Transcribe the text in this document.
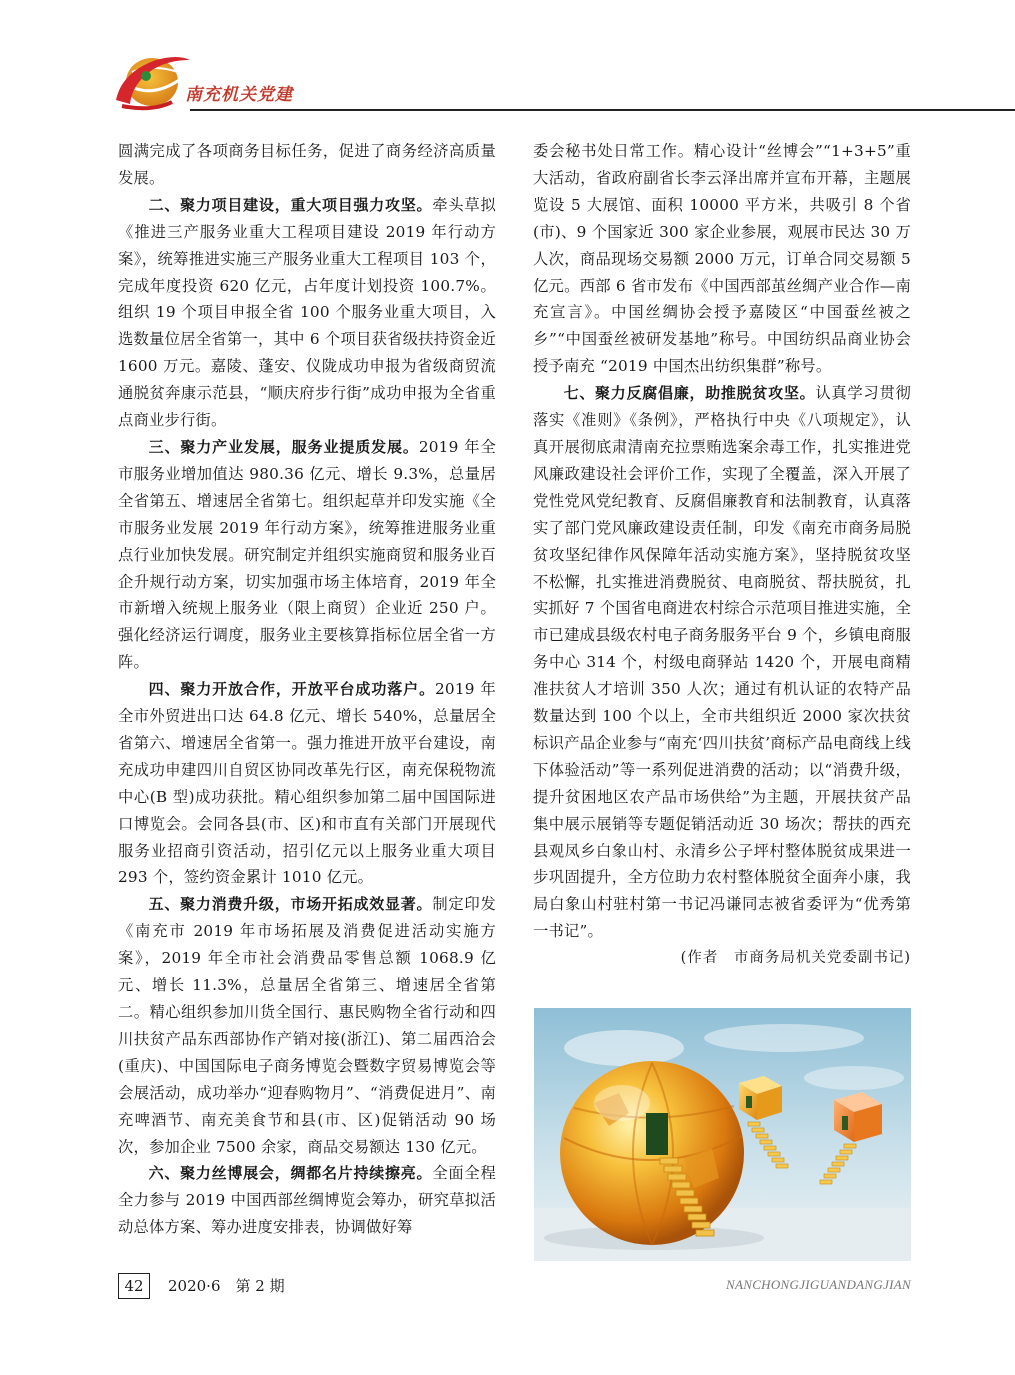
南充机关党建

圆满完成了各项商务目标任务，促进了商务经济高质量发展。

二、聚力项目建设，重大项目强力攻坚。牵头草拟《推进三产服务业重大工程项目建设 2019 年行动方案》，统筹推进实施三产服务业重大工程项目 103 个，完成年度投资 620 亿元，占年度计划投资 100.7%。组织 19 个项目申报全省 100 个服务业重大项目，入选数量位居全省第一，其中 6 个项目获省级扶持资金近 1600 万元。嘉陵、蓬安、仪陇成功申报为省级商贸流通脱贫奔康示范县，“顺庆府步行街”成功申报为全省重点商业步行街。

三、聚力产业发展，服务业提质发展。2019 年全市服务业增加值达 980.36 亿元、增长 9.3%，总量居全省第五、增速居全省第七。组织起草并印发实施《全市服务业发展 2019 年行动方案》，统筹推进服务业重点行业加快发展。研究制定并组织实施商贸和服务业百企升规行动方案，切实加强市场主体培育，2019 年全市新增入统规上服务业（限上商贸）企业近 250 户。强化经济运行调度，服务业主要核算指标位居全省一方阵。

四、聚力开放合作，开放平台成功落户。2019 年全市外贸进出口达 64.8 亿元、增长 540%，总量居全省第六、增速居全省第一。强力推进开放平台建设，南充成功申建四川自贸区协同改革先行区，南充保税物流中心(B 型)成功获批。精心组织参加第二届中国国际进口博览会。会同各县(市、区)和市直有关部门开展现代服务业招商引资活动，招引亿元以上服务业重大项目 293 个，签约资金累计 1010 亿元。

五、聚力消费升级，市场开拓成效显著。制定印发《南充市 2019 年市场拓展及消费促进活动实施方案》，2019 年全市社会消费品零售总额 1068.9 亿元、增长 11.3%，总量居全省第三、增速居全省第二。精心组织参加川货全国行、惠民购物全省行动和四川扶贫产品东西部协作产销对接(浙江)、第二届西洽会(重庆)、中国国际电子商务博览会暨数字贸易博览会等会展活动，成功举办“迎春购物月”、“消费促进月”、南充啤酒节、南充美食节和县(市、区)促销活动 90 场次，参加企业 7500 余家，商品交易额达 130 亿元。

六、聚力丝博展会，绸都名片持续擦亮。全面全程全力参与 2019 中国西部丝绸博览会筹办，研究草拟活动总体方案、筹办进度安排表，协调做好筹

委会秘书处日常工作。精心设计“丝博会”“1+3+5”重大活动，省政府副省长李云泽出席并宣布开幕，主题展览设 5 大展馆、面积 10000 平方米，共吸引 8 个省(市)、9 个国家近 300 家企业参展，观展市民达 30 万人次，商品现场交易额 2000 万元，订单合同交易额 5 亿元。西部 6 省市发布《中国西部茧丝绸产业合作—南充宣言》。中国丝绸协会授予嘉陵区“中国蚕丝被之乡”“中国蚕丝被研发基地”称号。中国纺织品商业协会授予南充 “2019 中国杰出纺织集群”称号。

七、聚力反腐倡廉，助推脱贫攻坚。认真学习贯彻落实《准则》《条例》，严格执行中央《八项规定》，认真开展彻底肃清南充拉票贿选案余毒工作，扎实推进党风廉政建设社会评价工作，实现了全覆盖，深入开展了党性党风党纪教育、反腐倡廉教育和法制教育，认真落实了部门党风廉政建设责任制，印发《南充市商务局脱贫攻坚纪律作风保障年活动实施方案》，坚持脱贫攻坚不松懈，扎实推进消费脱贫、电商脱贫、帮扶脱贫，扎实抓好 7 个国省电商进农村综合示范项目推进实施，全市已建成县级农村电子商务服务平台 9 个，乡镇电商服务中心 314 个，村级电商驿站 1420 个，开展电商精准扶贫人才培训 350 人次；通过有机认证的农特产品数量达到 100 个以上，全市共组织近 2000 家次扶贫标识产品企业参与“南充‘四川扶贫’商标产品电商线上线下体验活动”等一系列促进消费的活动；以“消费升级，提升贫困地区农产品市场供给”为主题，开展扶贫产品集中展示展销等专题促销活动近 30 场次；帮扶的西充县观凤乡白象山村、永清乡公子坪村整体脱贫成果进一步巩固提升，全方位助力农村整体脱贫全面奔小康，我局白象山村驻村第一书记冯谦同志被省委评为“优秀第一书记”。

(作者　市商务局机关党委副书记)

42	2020·6　第 2 期	NANCHONGJIGUANDANGJIAN
